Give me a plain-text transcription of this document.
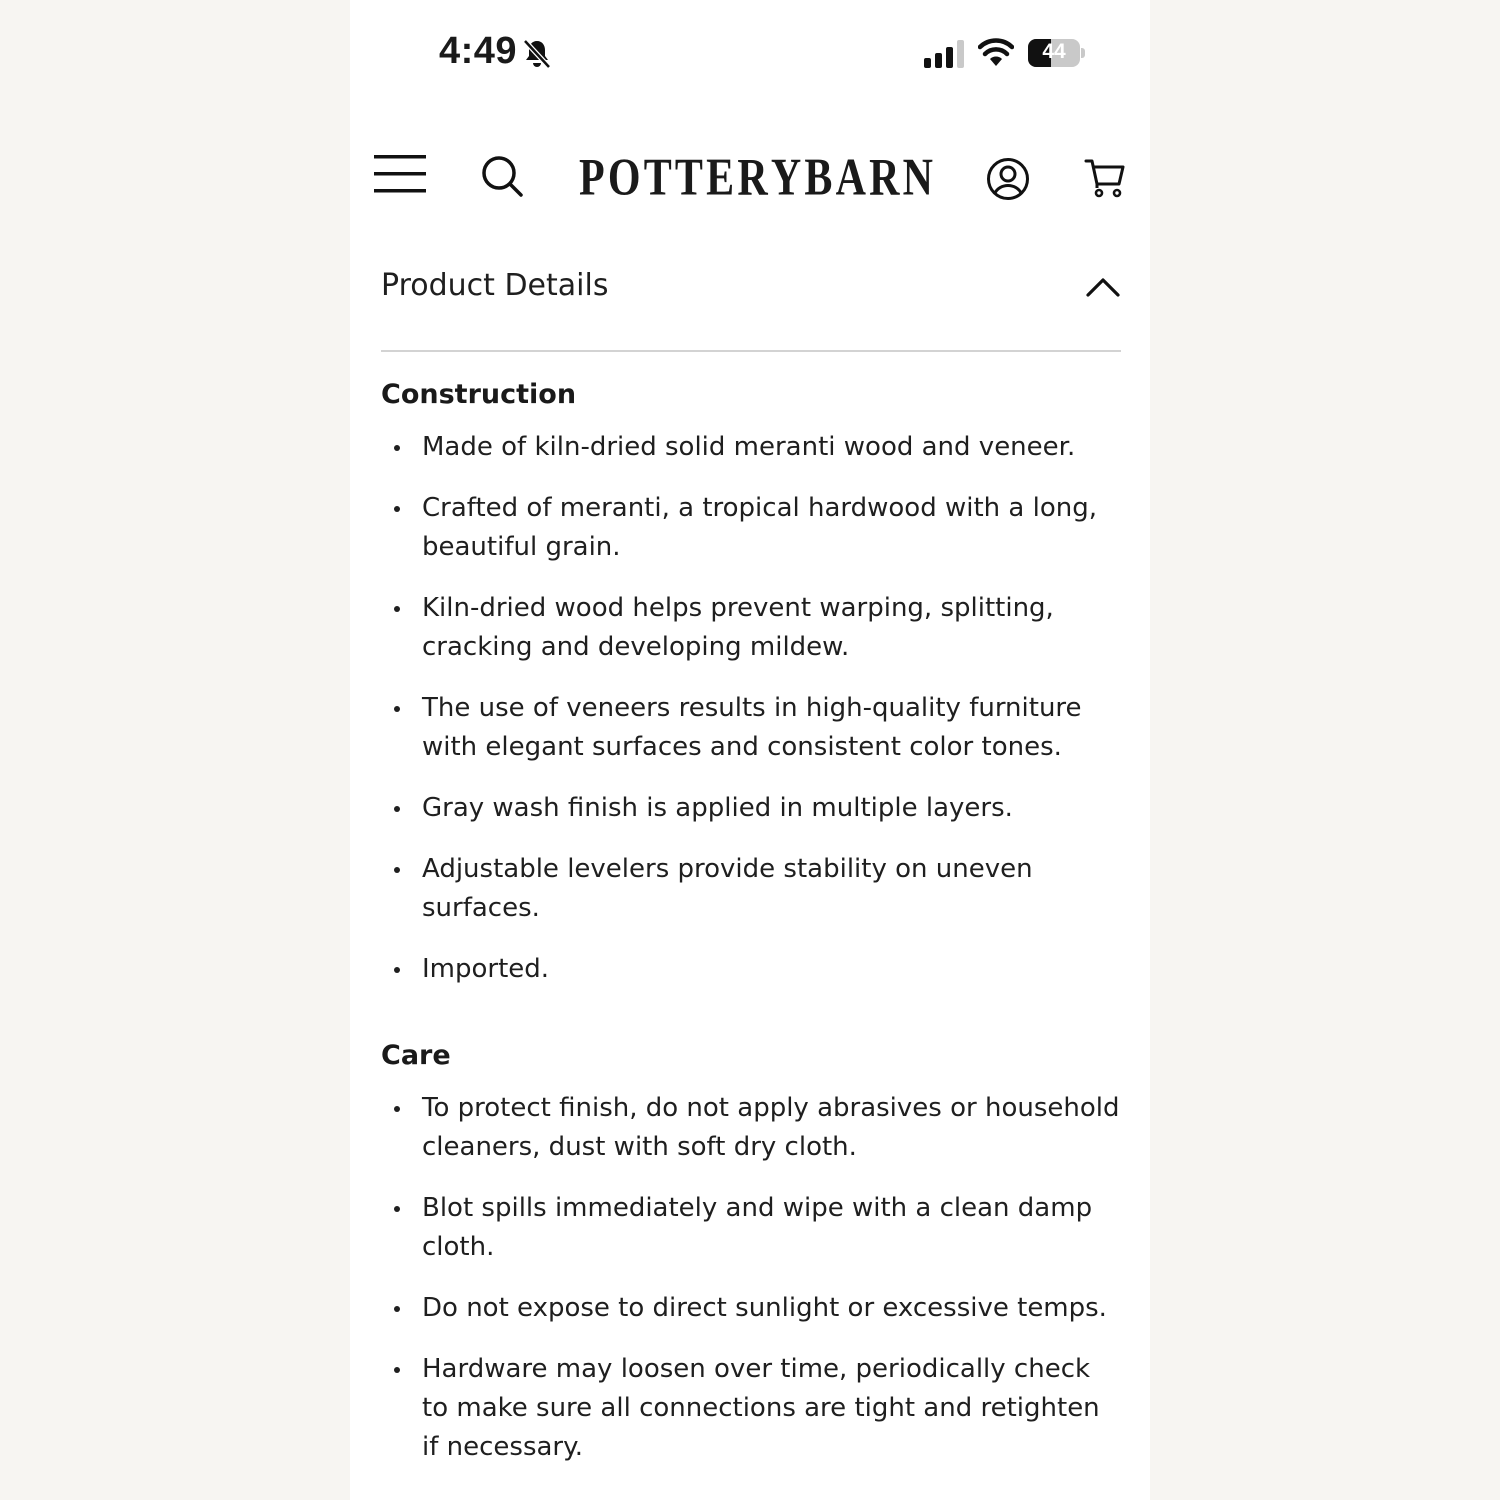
4:49	44
P O T T E R Y B A R N
Product Details
Construction
Made of kiln-dried solid meranti wood and veneer.
Crafted of meranti, a tropical hardwood with a long, beautiful grain.
Kiln-dried wood helps prevent warping, splitting, cracking and developing mildew.
The use of veneers results in high-quality furniture with elegant surfaces and consistent color tones.
Gray wash finish is applied in multiple layers.
Adjustable levelers provide stability on uneven surfaces.
Imported.
Care
To protect finish, do not apply abrasives or household cleaners, dust with soft dry cloth.
Blot spills immediately and wipe with a clean damp cloth.
Do not expose to direct sunlight or excessive temps.
Hardware may loosen over time, periodically check to make sure all connections are tight and retighten if necessary.
